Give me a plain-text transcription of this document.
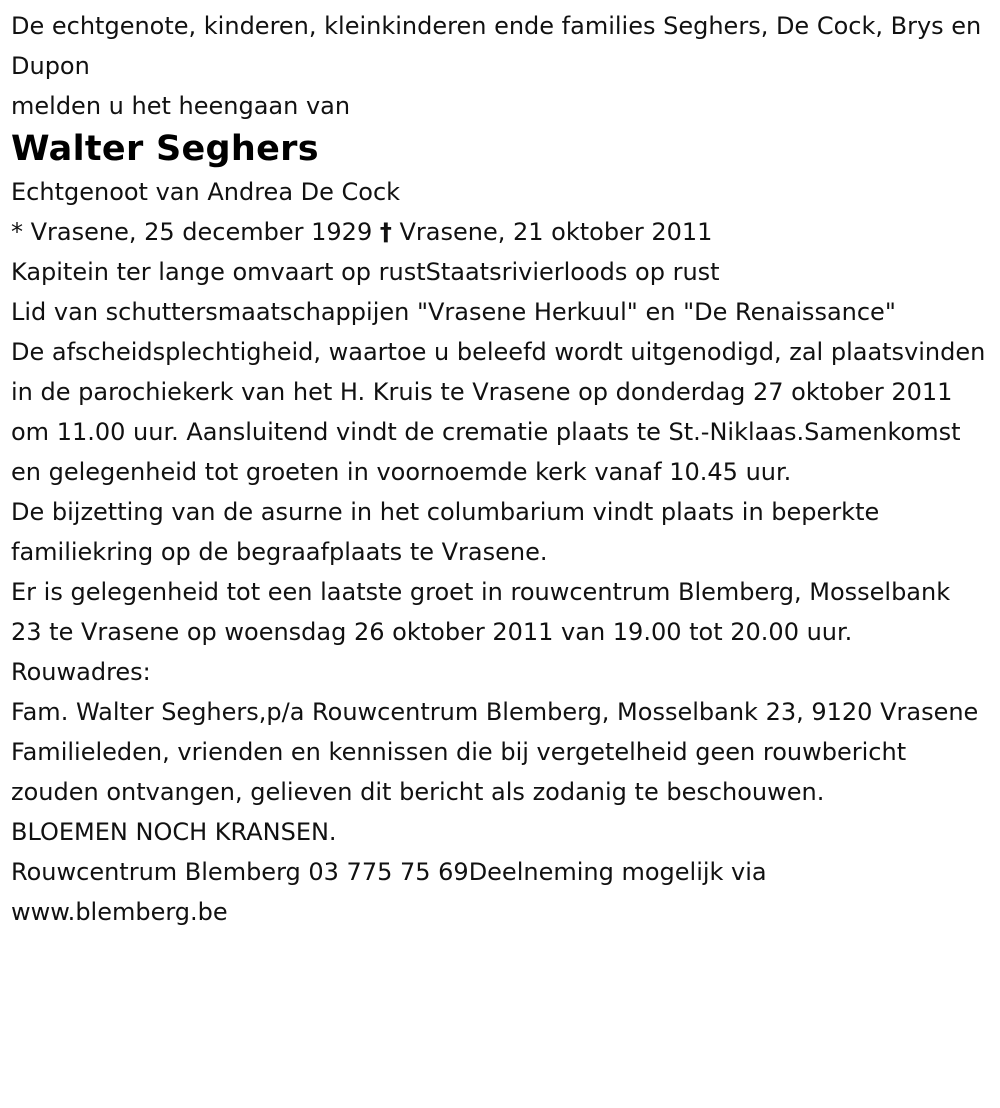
De echtgenote, kinderen, kleinkinderen ende families Seghers, De Cock, Brys en Dupon

melden u het heengaan van

Walter Seghers

Echtgenoot van Andrea De Cock

* Vrasene, 25 december 1929 † Vrasene, 21 oktober 2011

Kapitein ter lange omvaart op rustStaatsrivierloods op rust

Lid van schuttersmaatschappijen "Vrasene Herkuul" en "De Renaissance"

De afscheidsplechtigheid, waartoe u beleefd wordt uitgenodigd, zal plaatsvinden in de parochiekerk van het H. Kruis te Vrasene op donderdag 27 oktober 2011 om 11.00 uur. Aansluitend vindt de crematie plaats te St.-Niklaas.Samenkomst en gelegenheid tot groeten in voornoemde kerk vanaf 10.45 uur.

De bijzetting van de asurne in het columbarium vindt plaats in beperkte familiekring op de begraafplaats te Vrasene.

Er is gelegenheid tot een laatste groet in rouwcentrum Blemberg, Mosselbank 23 te Vrasene op woensdag 26 oktober 2011 van 19.00 tot 20.00 uur.

Rouwadres:

Fam. Walter Seghers,p/a Rouwcentrum Blemberg, Mosselbank 23, 9120 Vrasene

Familieleden, vrienden en kennissen die bij vergetelheid geen rouwbericht zouden ontvangen, gelieven dit bericht als zodanig te beschouwen.

BLOEMEN NOCH KRANSEN.

Rouwcentrum Blemberg 03 775 75 69Deelneming mogelijk via www.blemberg.be
